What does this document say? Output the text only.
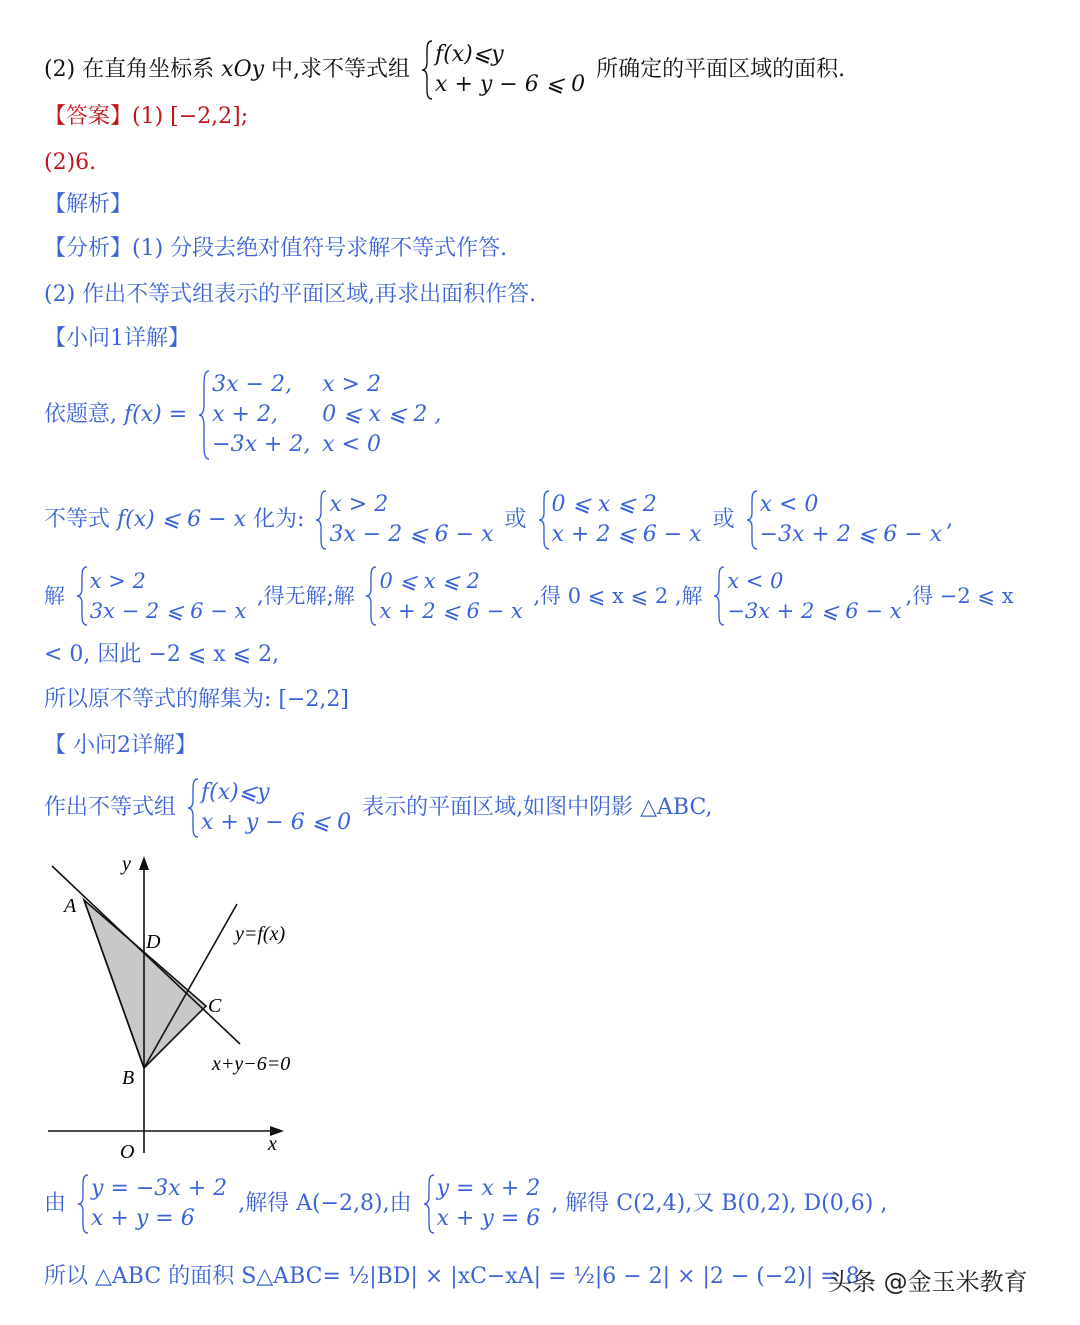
(2) 在直角坐标系 xOy 中,求不等式组
f(x)⩽y
x + y − 6 ⩽ 0
所确定的平面区域的面积.
【答案】(1) [−2,2];
(2)6.
【解析】
【分析】(1) 分段去绝对值符号求解不等式作答.
(2) 作出不等式组表示的平面区域,再求出面积作答.
【小问1详解】
依题意, f(x) =
3x − 2, x > 2
x + 2, 0 ⩽ x ⩽ 2 ,
−3x + 2, x < 0
不等式 f(x) ⩽ 6 − x 化为:
x > 2
3x − 2 ⩽ 6 − x
或
0 ⩽ x ⩽ 2
x + 2 ⩽ 6 − x
或
x < 0
−3x + 2 ⩽ 6 − x
,
解
x > 2
3x − 2 ⩽ 6 − x
,得无解;解
0 ⩽ x ⩽ 2
x + 2 ⩽ 6 − x
,得 0 ⩽ x ⩽ 2 ,解
x < 0
−3x + 2 ⩽ 6 − x
,得 −2 ⩽ x
< 0, 因此 −2 ⩽ x ⩽ 2,
所以原不等式的解集为: [−2,2]
【 小问2详解】
作出不等式组
f(x)⩽y
x + y − 6 ⩽ 0
表示的平面区域,如图中阴影 △ABC,
y
x
O
A
B
C
D	y=f(x)
x+y−6=0
由
y = −3x + 2
x + y = 6
,解得 A(−2,8),由
y = x + 2
x + y = 6
, 解得 C(2,4),又 B(0,2), D(0,6) ,
所以 △ABC 的面积 S△ABC= ½|BD| × |xC−xA| = ½|6 − 2| × |2 − (−2)| = 8
头条 @金玉米教育
